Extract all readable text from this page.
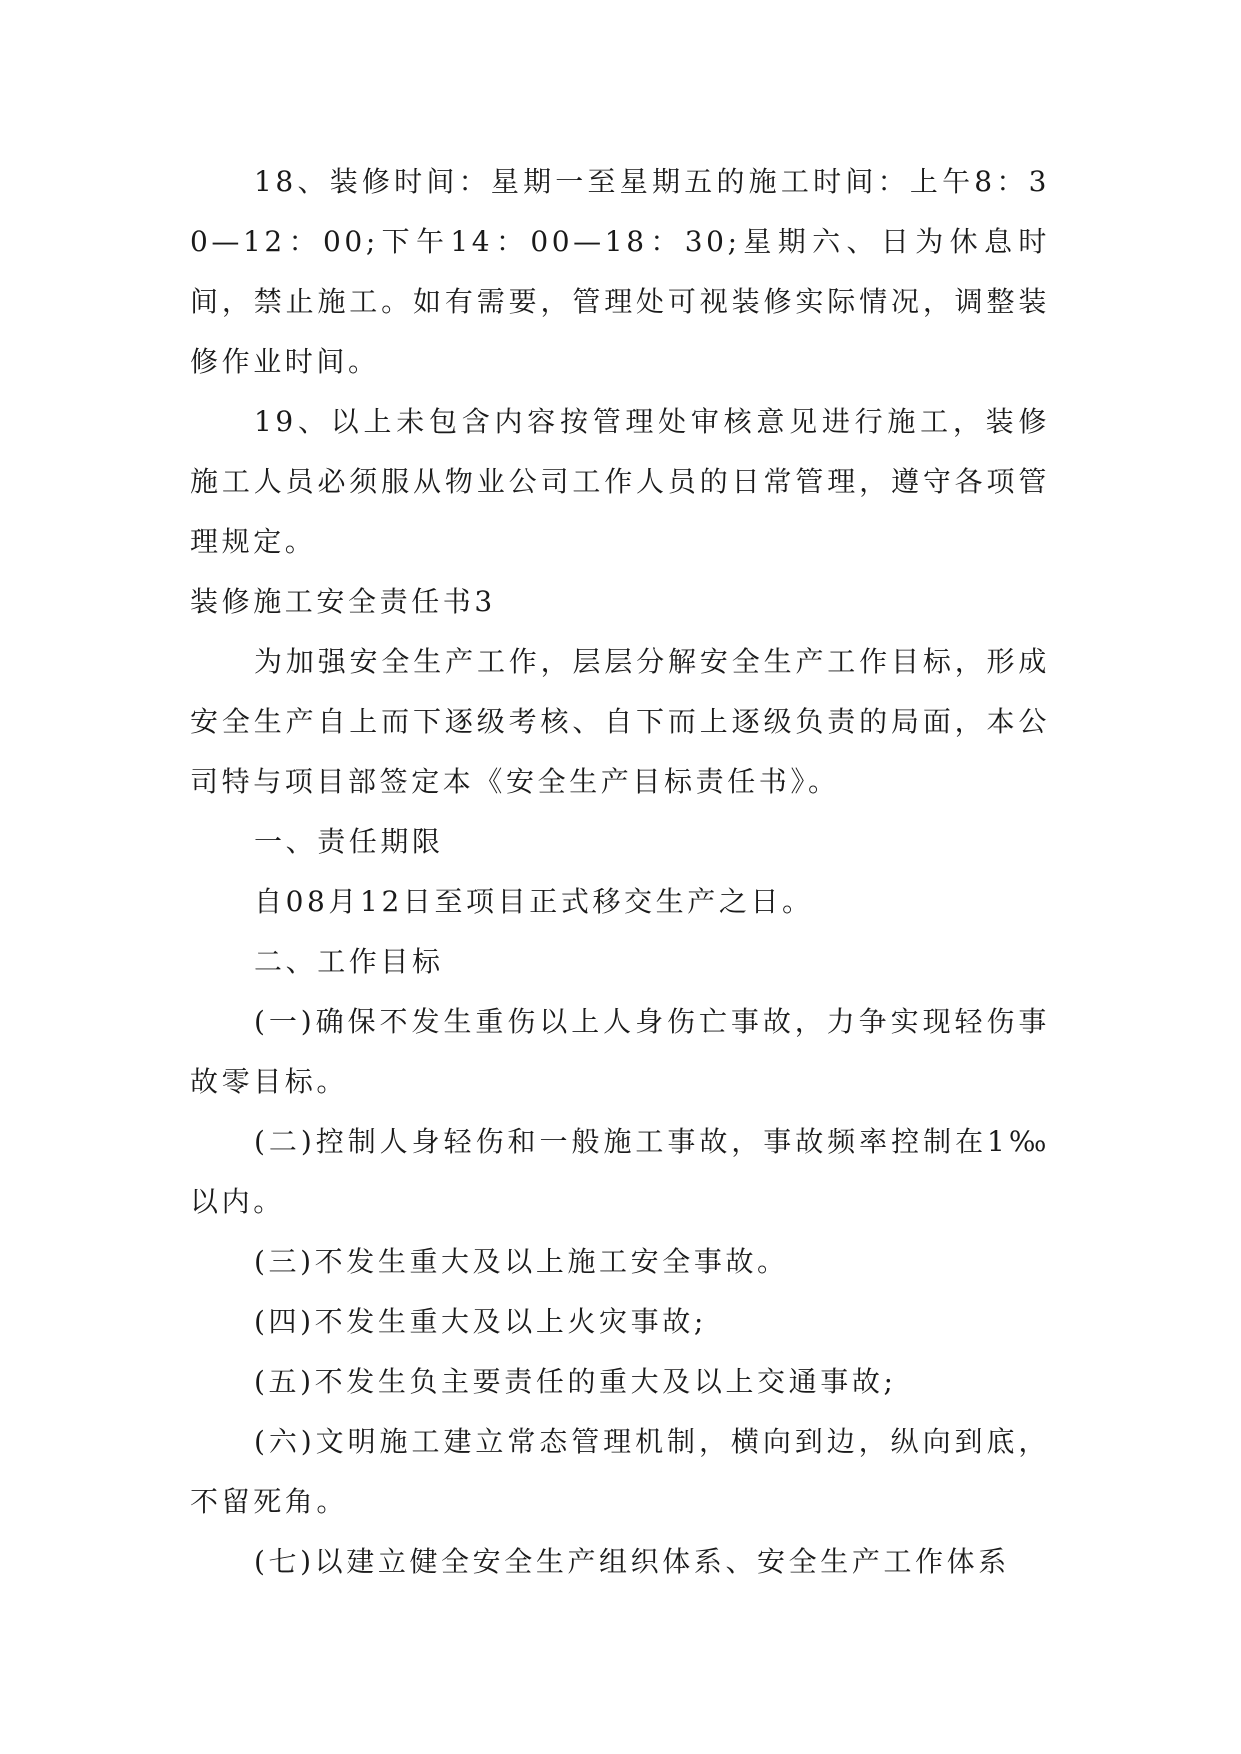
18、装修时间：星期一至星期五的施工时间：上午8：30—12：00;下午14：00—18：30;星期六、日为休息时间，禁止施工。如有需要，管理处可视装修实际情况，调整装修作业时间。

19、以上未包含内容按管理处审核意见进行施工，装修施工人员必须服从物业公司工作人员的日常管理，遵守各项管理规定。

装修施工安全责任书3

为加强安全生产工作，层层分解安全生产工作目标，形成安全生产自上而下逐级考核、自下而上逐级负责的局面，本公司特与项目部签定本《安全生产目标责任书》。

一、责任期限

自08月12日至项目正式移交生产之日。

二、工作目标

(一)确保不发生重伤以上人身伤亡事故，力争实现轻伤事故零目标。

(二)控制人身轻伤和一般施工事故，事故频率控制在1‰以内。

(三)不发生重大及以上施工安全事故。

(四)不发生重大及以上火灾事故;

(五)不发生负主要责任的重大及以上交通事故;

(六)文明施工建立常态管理机制，横向到边，纵向到底，不留死角。

(七)以建立健全安全生产组织体系、安全生产工作体系
